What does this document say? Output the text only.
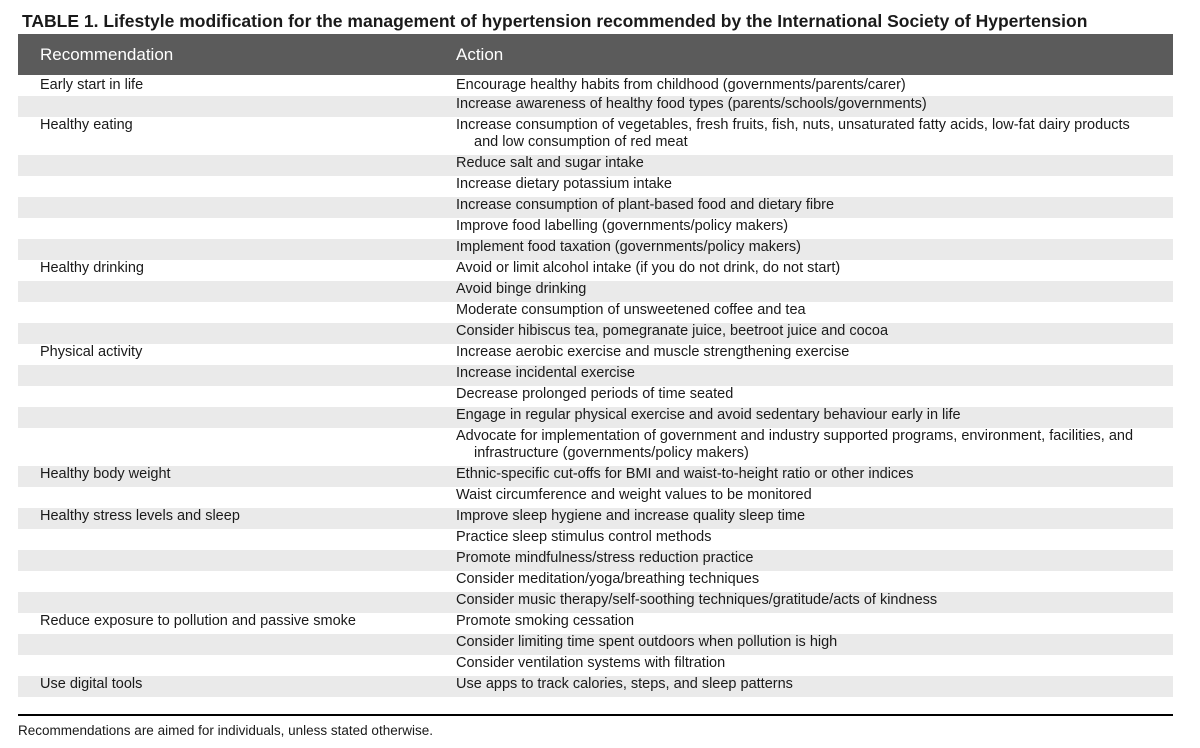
TABLE 1. Lifestyle modification for the management of hypertension recommended by the International Society of Hypertension
Recommendation	Action
Early start in life	Encourage healthy habits from childhood (governments/parents/carer)
	Increase awareness of healthy food types (parents/schools/governments)
Healthy eating	Increase consumption of vegetables, fresh fruits, fish, nuts, unsaturated fatty acids, low-fat dairy products and low consumption of red meat

	Reduce salt and sugar intake
	Increase dietary potassium intake
	Increase consumption of plant-based food and dietary fibre
	Improve food labelling (governments/policy makers)
	Implement food taxation (governments/policy makers)
Healthy drinking	Avoid or limit alcohol intake (if you do not drink, do not start)
	Avoid binge drinking
	Moderate consumption of unsweetened coffee and tea
	Consider hibiscus tea, pomegranate juice, beetroot juice and cocoa
Physical activity	Increase aerobic exercise and muscle strengthening exercise
	Increase incidental exercise
	Decrease prolonged periods of time seated
	Engage in regular physical exercise and avoid sedentary behaviour early in life

	Advocate for implementation of government and industry supported programs, environment, facilities, and infrastructure (governments/policy makers)

Healthy body weight	Ethnic-specific cut-offs for BMI and waist-to-height ratio or other indices
	Waist circumference and weight values to be monitored
Healthy stress levels and sleep	Improve sleep hygiene and increase quality sleep time
	Practice sleep stimulus control methods
	Promote mindfulness/stress reduction practice
	Consider meditation/yoga/breathing techniques
	Consider music therapy/self-soothing techniques/gratitude/acts of kindness
Reduce exposure to pollution and passive smoke	Promote smoking cessation
	Consider limiting time spent outdoors when pollution is high
	Consider ventilation systems with filtration
Use digital tools	Use apps to track calories, steps, and sleep patterns
Recommendations are aimed for individuals, unless stated otherwise.
